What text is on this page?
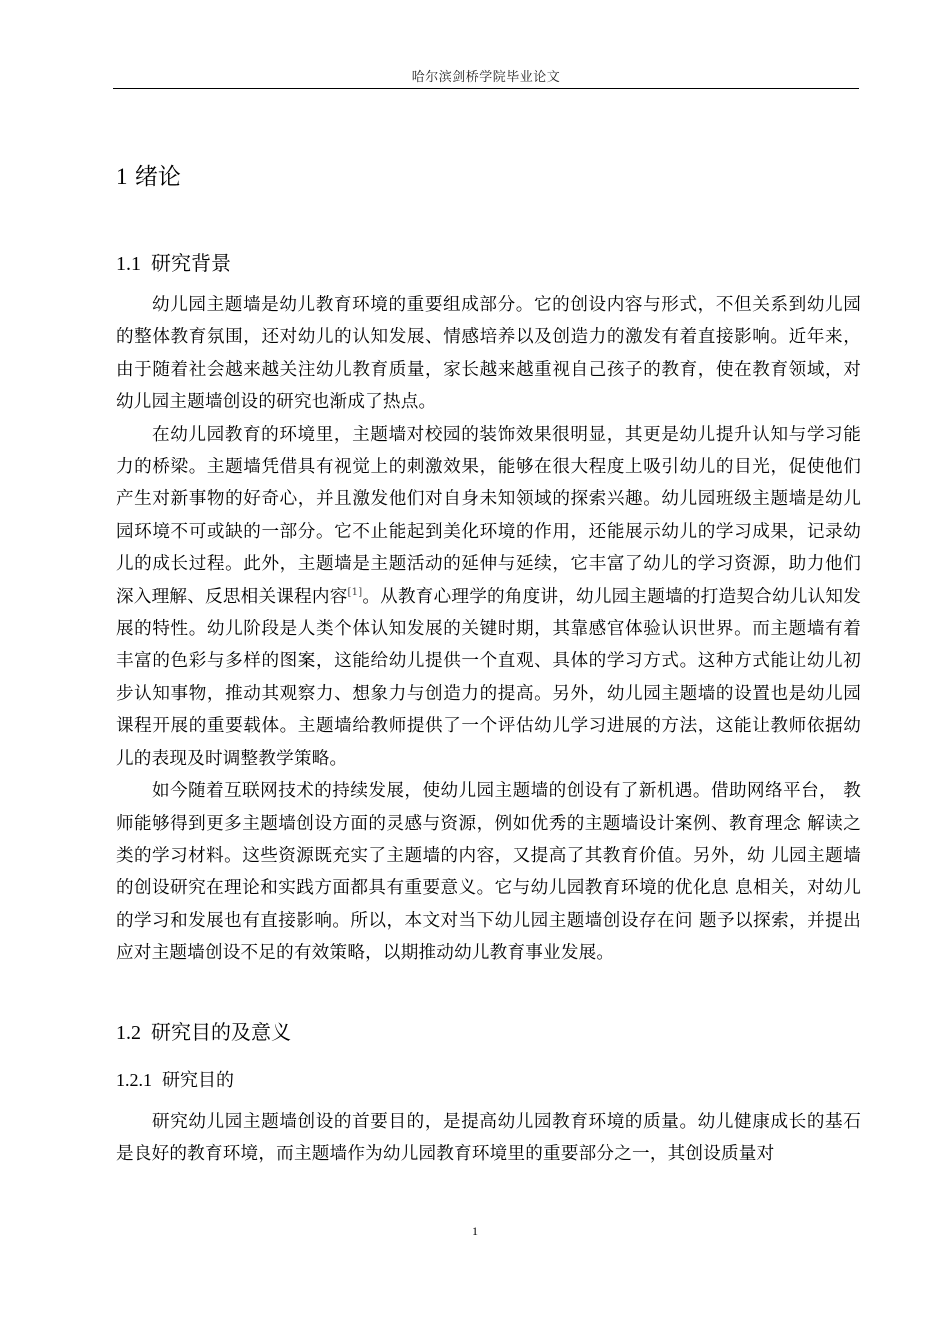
哈尔滨剑桥学院毕业论文
1 绪论
1.1 研究背景

幼儿园主题墙是幼儿教育环境的重要组成部分。它的创设内容与形式，不但关系到幼儿园的整体教育氛围，还对幼儿的认知发展、情感培养以及创造力的激发有着直接影响。近年来，由于随着社会越来越关注幼儿教育质量，家长越来越重视自己孩子的教育，使在教育领域，对幼儿园主题墙创设的研究也渐成了热点。

在幼儿园教育的环境里，主题墙对校园的装饰效果很明显，其更是幼儿提升认知与学习能力的桥梁。主题墙凭借具有视觉上的刺激效果，能够在很大程度上吸引幼儿的目光，促使他们产生对新事物的好奇心，并且激发他们对自身未知领域的探索兴趣。幼儿园班级主题墙是幼儿园环境不可或缺的一部分。它不止能起到美化环境的作用，还能展示幼儿的学习成果，记录幼儿的成长过程。此外，主题墙是主题活动的延伸与延续，它丰富了幼儿的学习资源，助力他们深入理解、反思相关课程内容[1]。从教育心理学的角度讲，幼儿园主题墙的打造契合幼儿认知发展的特性。幼儿阶段是人类个体认知发展的关键时期，其靠感官体验认识世界。而主题墙有着丰富的色彩与多样的图案，这能给幼儿提供一个直观、具体的学习方式。这种方式能让幼儿初步认知事物，推动其观察力、想象力与创造力的提高。另外，幼儿园主题墙的设置也是幼儿园课程开展的重要载体。主题墙给教师提供了一个评估幼儿学习进展的方法，这能让教师依据幼儿的表现及时调整教学策略。

如今随着互联网技术的持续发展，使幼儿园主题墙的创设有了新机遇。借助网络平台， 教师能够得到更多主题墙创设方面的灵感与资源，例如优秀的主题墙设计案例、教育理念 解读之类的学习材料。这些资源既充实了主题墙的内容，又提高了其教育价值。另外，幼 儿园主题墙的创设研究在理论和实践方面都具有重要意义。它与幼儿园教育环境的优化息 息相关，对幼儿的学习和发展也有直接影响。所以，本文对当下幼儿园主题墙创设存在问 题予以探索，并提出应对主题墙创设不足的有效策略，以期推动幼儿教育事业发展。

1.2 研究目的及意义
1.2.1 研究目的

研究幼儿园主题墙创设的首要目的，是提高幼儿园教育环境的质量。幼儿健康成长的基石是良好的教育环境，而主题墙作为幼儿园教育环境里的重要部分之一，其创设质量对

1
